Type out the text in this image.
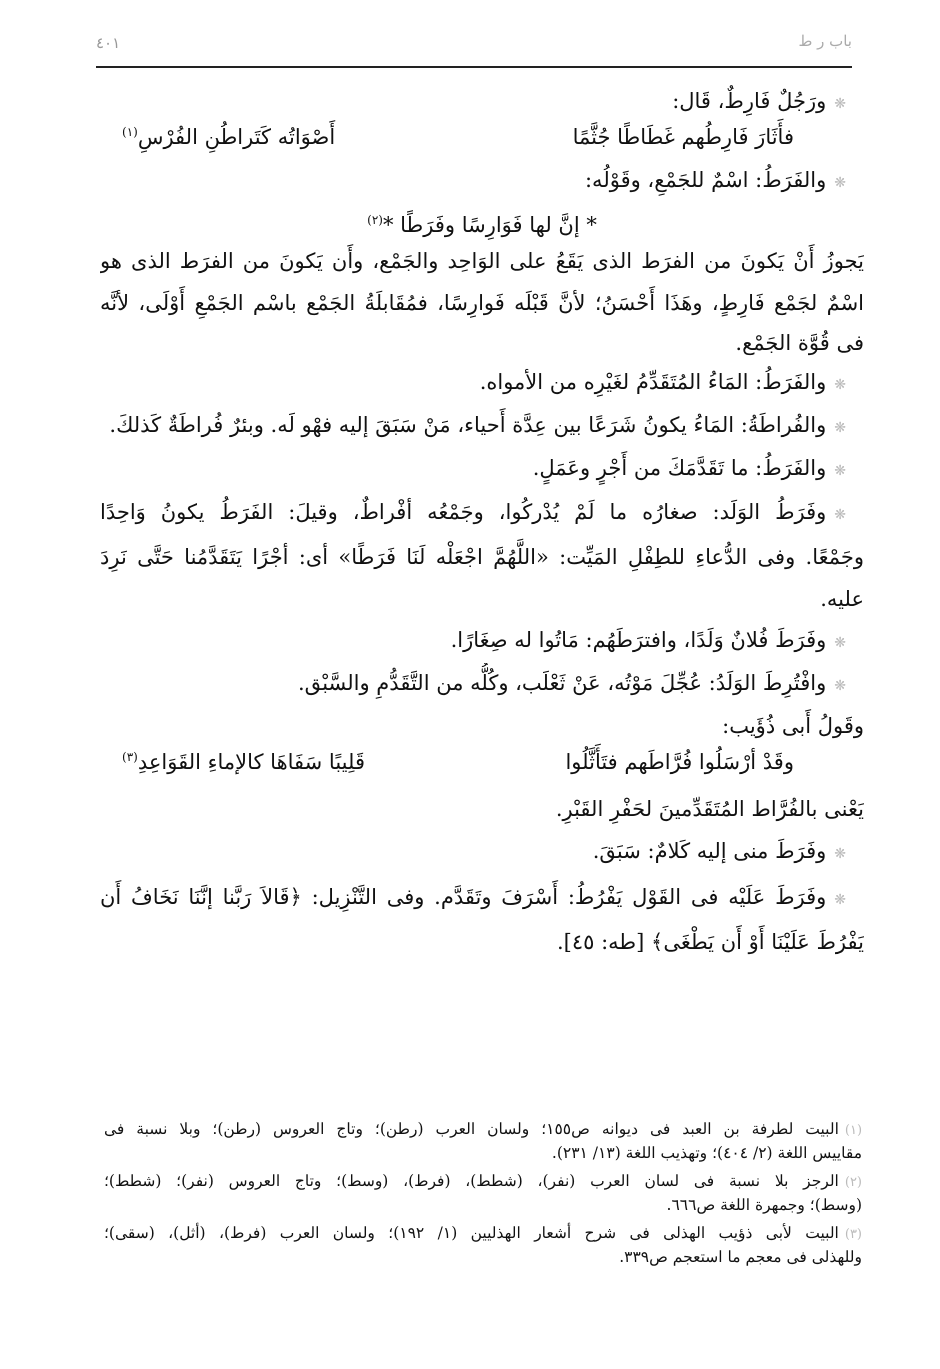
٤٠١	باب ر ط
❋ورَجُلٌ فَارِطٌ، قَال:
فأَثَارَ فَارِطُهم غَطَاطًا جُثَّمًا
أَصْوَاتُه كَتَراطُنِ الفُرْسِ$^{(١)}$
❋والفَرَطُ: اسْمٌ للجَمْعِ، وقَوْلُه:
* إنَّ لها فَوَارِسًا وفَرَطًا *$^{(٢)}$
يَجوزُ أَنْ يَكونَ من الفرَط الذى يَقَعُ على الوَاحِد والجَمْع، وأَن يَكونَ من الفرَط الذى هو
اسْمٌ لجَمْع فَارِطٍ، وهَذَا أَحْسَنُ؛ لأنَّ قَبْلَه فَوارِسًا، فمُقَابلَةُ الجَمْع باسْم الجَمْعِ أَوْلَى، لأنَّه
فى قُوَّة الجَمْع.
❋والفَرَطُ: المَاءُ المُتَقَدِّمُ لغَيْرِه من الأمواه.
❋والفُراطَةُ: المَاءُ يكونُ شَرَعًا بين عِدَّة أَحياء، مَنْ سَبَقَ إليه فهْو لَه. وبئرٌ فُراطَةٌ كَذلكَ.
❋والفَرَطُ: ما تَقَدَّمَكَ من أَجْرٍ وعَمَلٍ.
❋وفَرَطُ الوَلَد: صغارُه ما لَمْ يُدْركُوا، وجَمْعُه أفْراطٌ، وقيلَ: الفَرَطُ يكونُ وَاحِدًا
وجَمْعًا. وفى الدُّعاءِ للطِفْلِ المَيِّت: «اللَّهُمَّ اجْعَلْه لَنَا فَرَطًا» أى: أجْرًا يَتَقَدَّمُنا حَتَّى نَرِدَ
عليه.
❋وفَرَطَ فُلانٌ وَلَدًا، وافترَطَهُم: مَاتُوا له صِغَارًا.
❋وافْتُرِطَ الوَلَدُ: عُجِّلَ مَوْتُه، عَنْ ثَعْلَب، وكُلُّه من التَّقَدُّمِ والسَّبْق.
وقَولُ أَبى ذُؤَيب:
وقَدْ أرْسَلُوا فُرَّاطَهم فتَأَثَّلُوا
قَلِيبًا سَفَاهَا كالإماءِ القَوَاعِدِ$^{(٣)}$
يَعْنى بالفُرَّاط المُتَقَدِّمينَ لحَفْرِ القَبْرِ.
❋وفَرَطَ منى إليه كَلامٌ: سَبَقَ.
❋وفَرَطَ عَلَيْه فى القَوْل يَفْرُطُ: أَسْرَفَ وتَقَدَّم. وفى التَّنْزِيل: ﴿قَالاَ رَبَّنا إنَّنَا نَخَافُ أَن
يَفْرُطَ عَلَيْنَا أَوْ أَن يَطْغَى﴾ [طه: ٤٥].
(١)البيت لطرفة بن العبد فى ديوانه ص١٥٥؛ ولسان العرب (رطن)؛ وتاج العروس (رطن)؛ وبلا نسبة فى
مقاييس اللغة (٢/ ٤٠٤)؛ وتهذيب اللغة (١٣/ ٢٣١).
(٢)الرجز بلا نسبة فى لسان العرب (نفر)، (شطط)، (فرط)، (وسط)؛ وتاج العروس (نفر)؛ (شطط)؛
(وسط)؛ وجمهرة اللغة ص٦٦٦.
(٣)البيت لأبى ذؤيب الهذلى فى شرح أشعار الهذليين (١/ ١٩٢)؛ ولسان العرب (فرط)، (أثل)، (سقى)؛
وللهذلى فى معجم ما استعجم ص٣٣٩.
